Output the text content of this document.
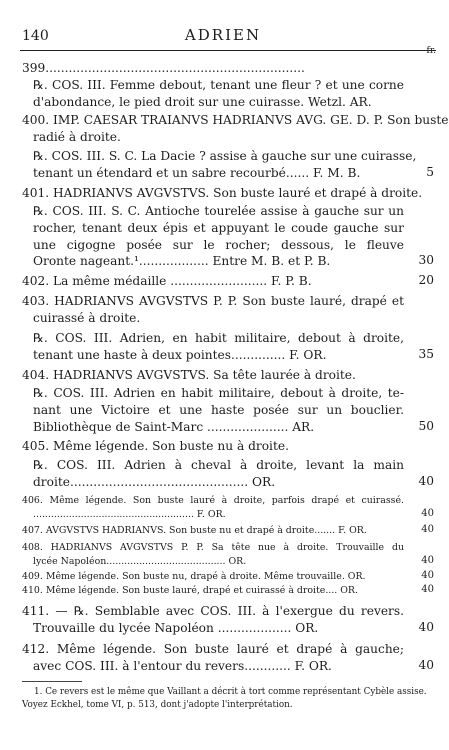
140	ADRIEN
fr.
399...................................................................
℞. COS. III. Femme debout, tenant une fleur ? et une corne
d'abondance, le pied droit sur une cuirasse. Wetzl. AR.
400. IMP. CAESAR TRAIANVS HADRIANVS AVG. GE. D. P. Son buste
radié à droite.
℞. COS. III. S. C. La Dacie ? assise à gauche sur une cuirasse,
tenant un étendard et un sabre recourbé...... F. M. B.	5
401. HADRIANVS AVGVSTVS. Son buste lauré et drapé à droite.
℞. COS. III. S. C. Antioche tourelée assise à gauche sur un
rocher, tenant deux épis et appuyant le coude gauche sur
une cigogne posée sur le rocher; dessous, le fleuve
Oronte nageant.¹.................. Entre M. B. et P. B.	30
402. La même médaille ......................... F. P. B.	20
403. HADRIANVS AVGVSTVS P. P. Son buste lauré, drapé et
cuirassé à droite.
℞. COS. III. Adrien, en habit militaire, debout à droite,
tenant une haste à deux pointes.............. F. OR.	35
404. HADRIANVS AVGVSTVS. Sa tête laurée à droite.
℞. COS. III. Adrien en habit militaire, debout à droite, te-
nant une Victoire et une haste posée sur un bouclier.
Bibliothèque de Saint-Marc ..................... AR.	50
405. Même légende. Son buste nu à droite.
℞. COS. III. Adrien à cheval à droite, levant la main
droite.............................................. OR.	40
406. Même légende. Son buste lauré à droite, parfois drapé et cuirassé.
...................................................... F. OR.	40
407. AVGVSTVS HADRIANVS. Son buste nu et drapé à droite....... F. OR.	40
408. HADRIANVS AVGVSTVS P. P. Sa tête nue à droite. Trouvaille du
lycée Napoléon........................................ OR.	40
409. Même légende. Son buste nu, drapé à droite. Même trouvaille. OR.	40
410. Même légende. Son buste lauré, drapé et cuirassé à droite.... OR.	40
411. — ℞. Semblable avec COS. III. à l'exergue du revers.
Trouvaille du lycée Napoléon ................... OR.	40
412. Même légende. Son buste lauré et drapé à gauche;
avec COS. III. à l'entour du revers............ F. OR.	40
1. Ce revers est le même que Vaillant a décrit à tort comme représentant Cybèle assise.
Voyez Eckhel, tome VI, p. 513, dont j'adopte l'interprétation.
